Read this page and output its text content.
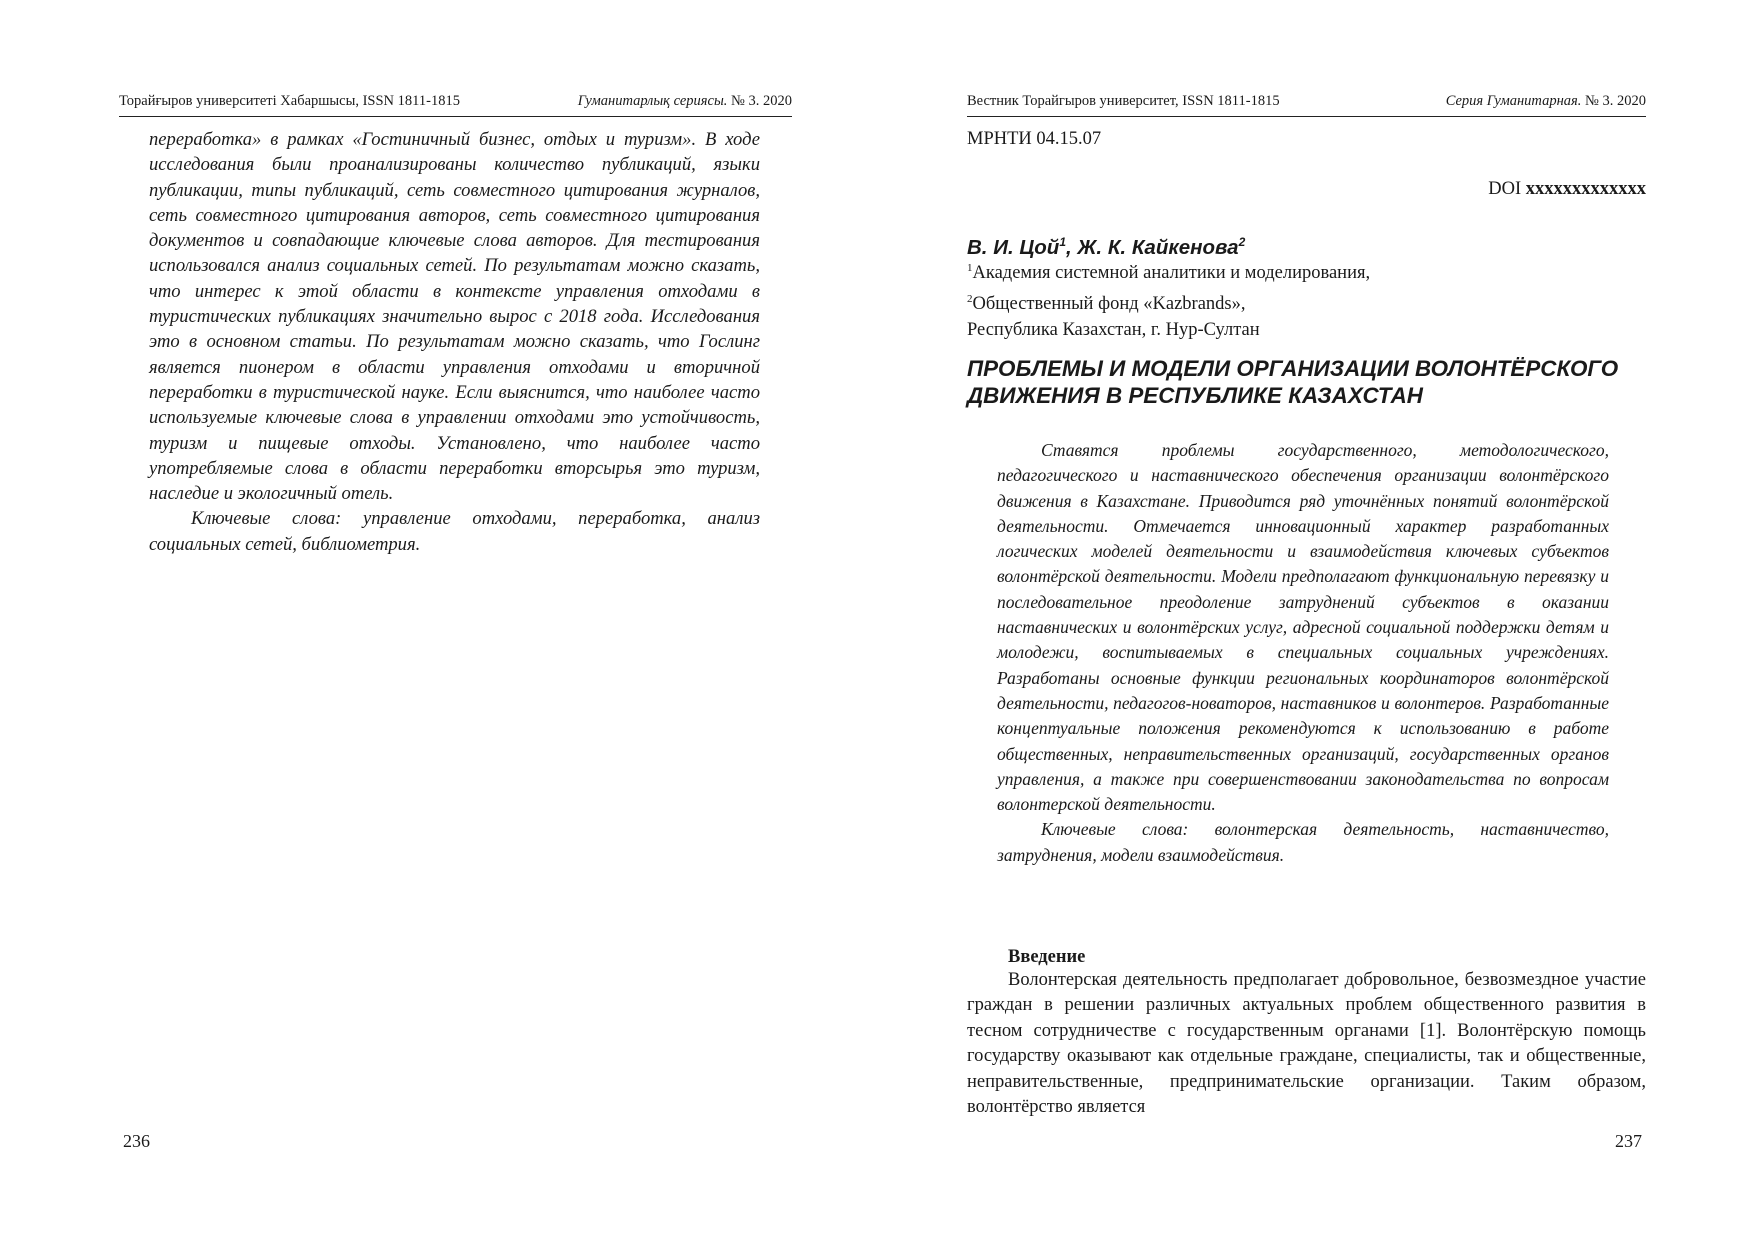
Торайғыров университеті Хабаршысы, ISSN 1811-1815	Гуманитарлық сериясы. № 3. 2020

переработка» в рамках «Гостиничный бизнес, отдых и туризм». В ходе исследования были проанализированы количество публикаций, языки публикации, типы публикаций, сеть совместного цитирования журналов, сеть совместного цитирования авторов, сеть совместного цитирования документов и совпадающие ключевые слова авторов. Для тестирования использовался анализ социальных сетей. По результатам можно сказать, что интерес к этой области в контексте управления отходами в туристических публикациях значительно вырос с 2018 года. Исследования это в основном статьи. По результатам можно сказать, что Гослинг является пионером в области управления отходами и вторичной переработки в туристической науке. Если выяснится, что наиболее часто используемые ключевые слова в управлении отходами это устойчивость, туризм и пищевые отходы. Установлено, что наиболее часто употребляемые слова в области переработки вторсырья это туризм, наследие и экологичный отель.

Ключевые слова: управление отходами, переработка, анализ социальных сетей, библиометрия.

236
Вестник Торайгыров университет, ISSN 1811-1815	Серия Гуманитарная. № 3. 2020
МРНТИ 04.15.07
DOI xxxxxxxxxxxxx
В. И. Цой$^1$, Ж. К. Кайкенова$^2$
$^1$Академия системной аналитики и моделирования,
$^2$Общественный фонд «Kazbrands»,
Республика Казахстан, г. Нур-Султан
ПРОБЛЕМЫ И МОДЕЛИ ОРГАНИЗАЦИИ ВОЛОНТЁРСКОГО ДВИЖЕНИЯ В РЕСПУБЛИКЕ КАЗАХСТАН

Ставятся проблемы государственного, методологического, педагогического и наставнического обеспечения организации волонтёрского движения в Казахстане. Приводится ряд уточнённых понятий волонтёрской деятельности. Отмечается инновационный характер разработанных логических моделей деятельности и взаимодействия ключевых субъектов волонтёрской деятельности. Модели предполагают функциональную перевязку и последовательное преодоление затруднений субъектов в оказании наставнических и волонтёрских услуг, адресной социальной поддержки детям и молодежи, воспитываемых в специальных социальных учреждениях. Разработаны основные функции региональных координаторов волонтёрской деятельности, педагогов-новаторов, наставников и волонтеров. Разработанные концептуальные положения рекомендуются к использованию в работе общественных, неправительственных организаций, государственных органов управления, а также при совершенствовании законодательства по вопросам волонтерской деятельности.

Ключевые слова: волонтерская деятельность, наставничество, затруднения, модели взаимодействия.

Введение

Волонтерская деятельность предполагает добровольное, безвозмездное участие граждан в решении различных актуальных проблем общественного развития в тесном сотрудничестве с государственным органами [1]. Волонтёрскую помощь государству оказывают как отдельные граждане, специалисты, так и общественные, неправительственные, предпринимательские организации. Таким образом, волонтёрство является

237
